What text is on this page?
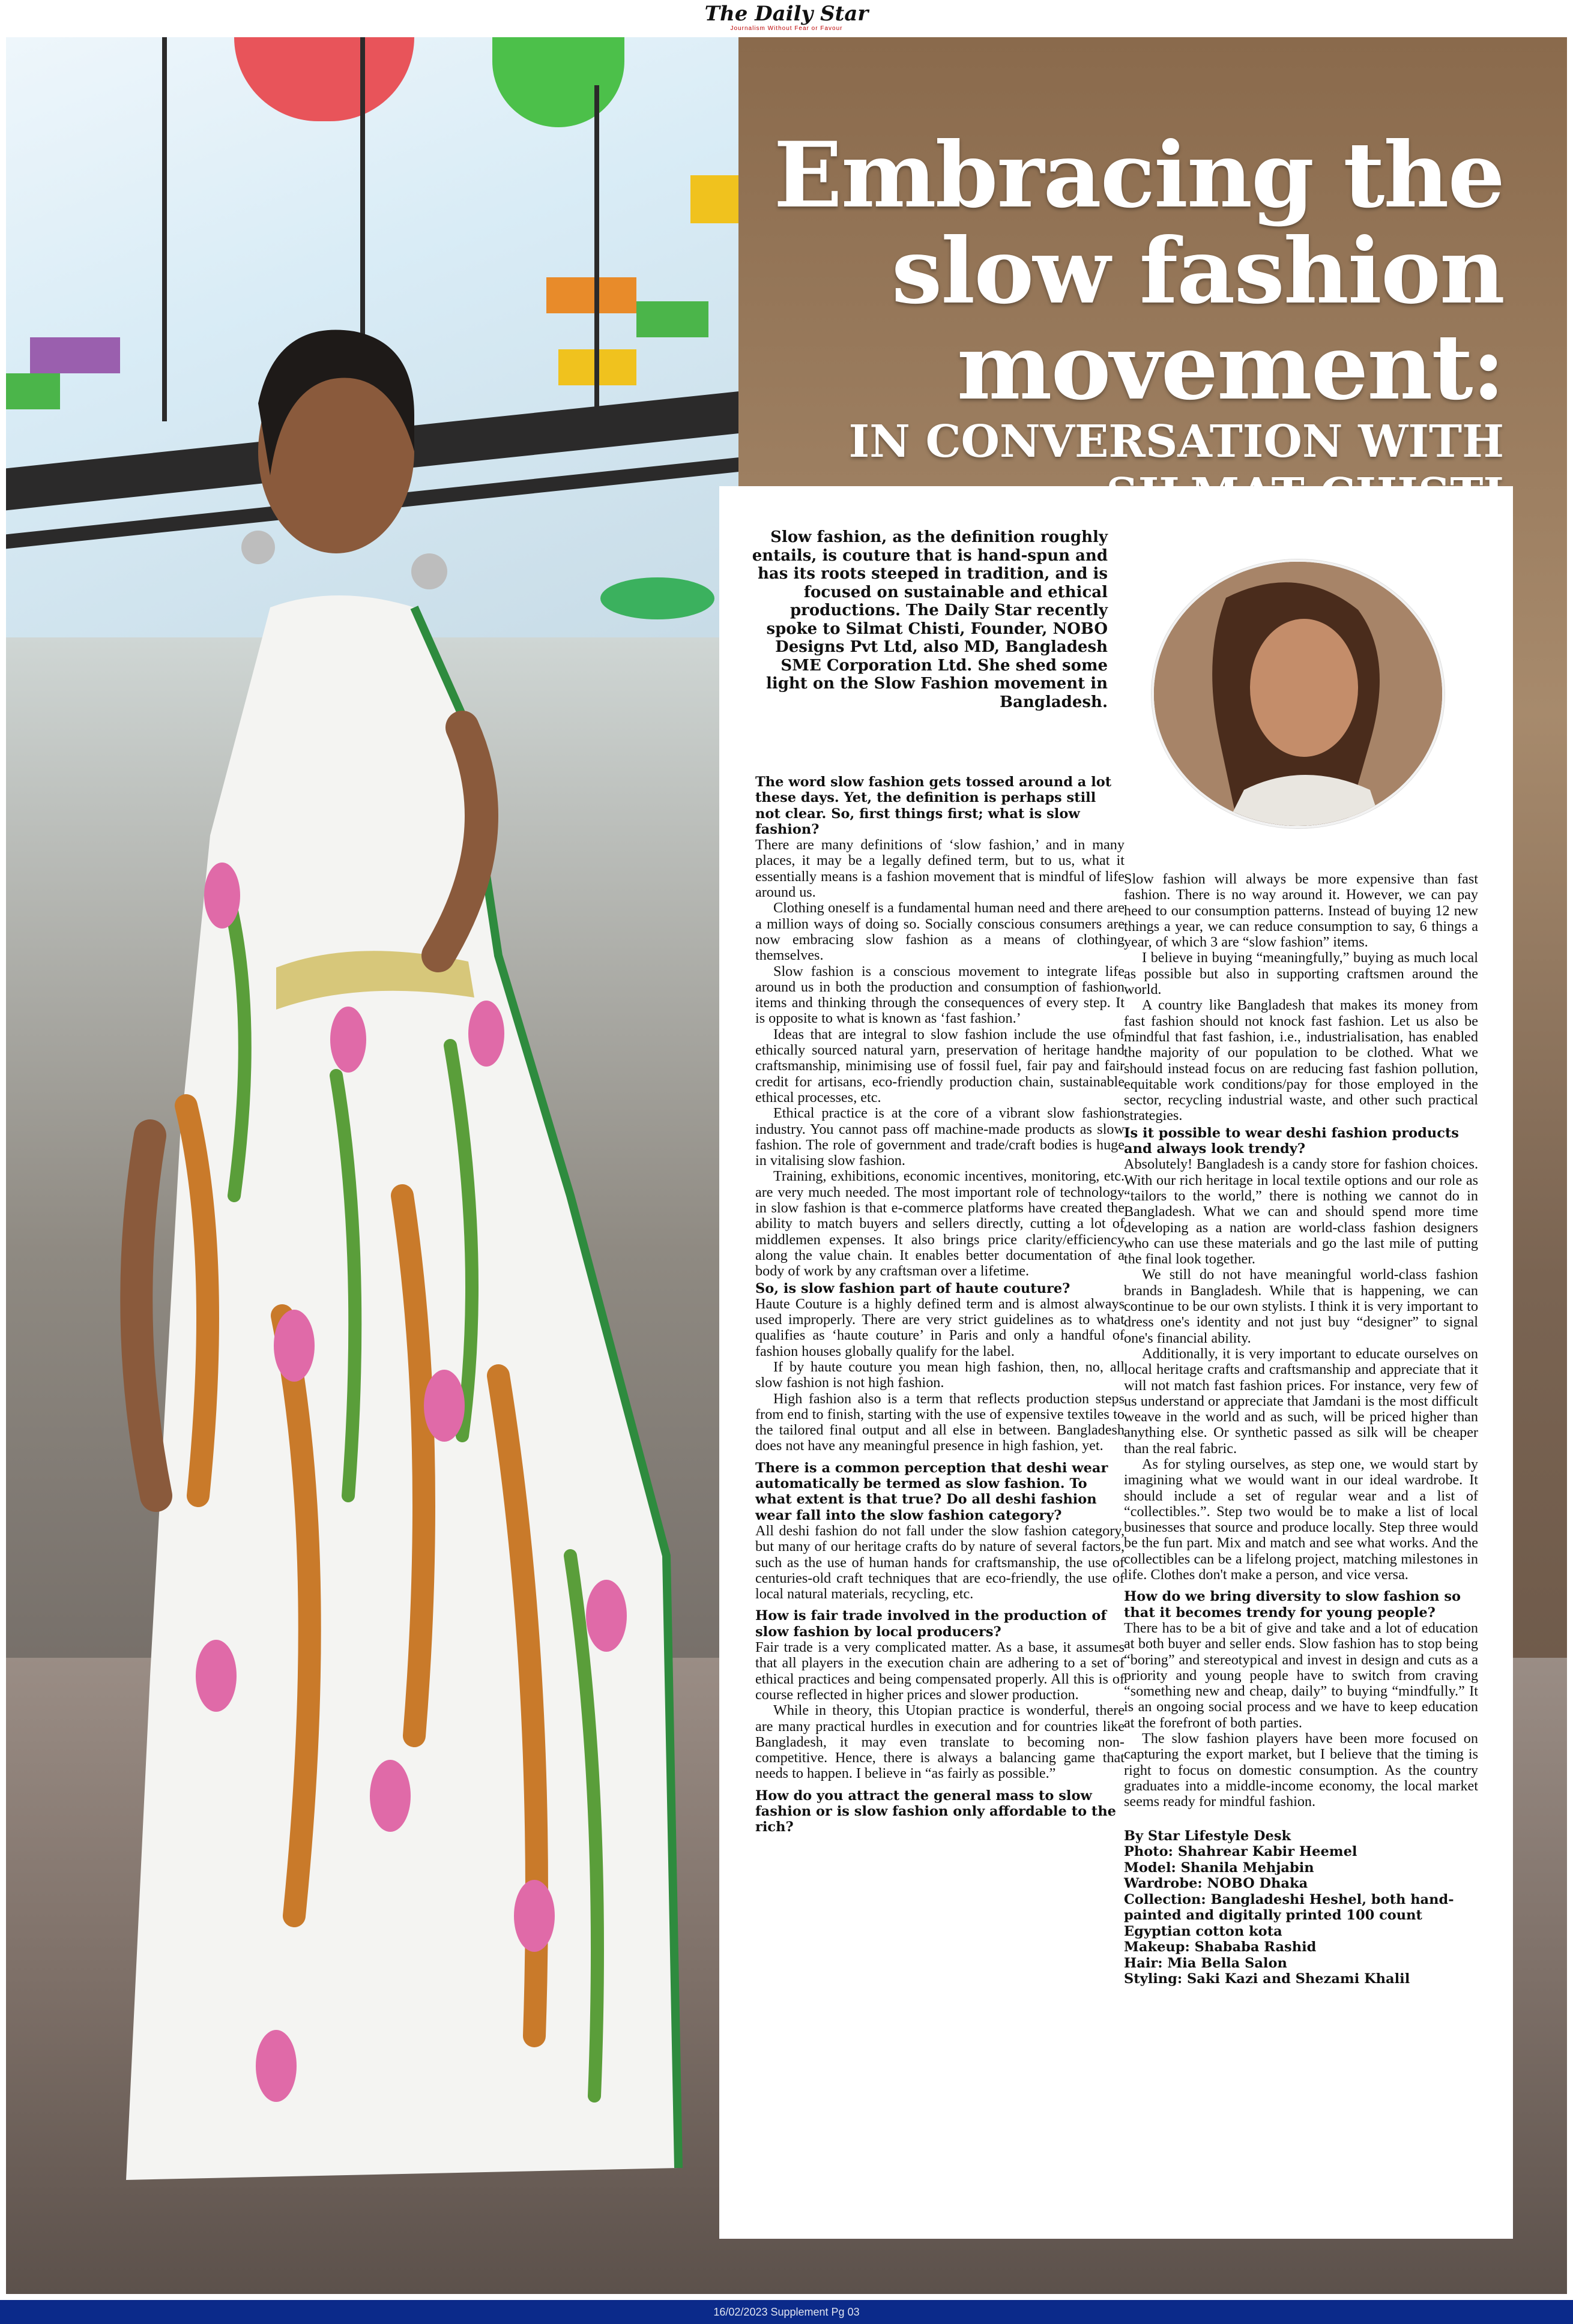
The Daily Star
Journalism Without Fear or Favour
Embracing the
slow fashion
movement:
IN CONVERSATION WITH
Slow fashion, as the definition roughly entails, is couture that is hand-spun and has its roots steeped in tradition, and is focused on sustainable and ethical productions. The Daily Star recently spoke to Silmat Chisti, Founder, NOBO Designs Pvt Ltd, also MD, Bangladesh SME Corporation Ltd. She shed some light on the Slow Fashion movement in Bangladesh.

The word slow fashion gets tossed around a lot these days. Yet, the definition is perhaps still not clear. So, first things first; what is slow fashion?

There are many definitions of ‘slow fashion,’ and in many places, it may be a legally defined term, but to us, what it essentially means is a fashion movement that is mindful of life around us.

Clothing oneself is a fundamental human need and there are a million ways of doing so. Socially conscious consumers are now embracing slow fashion as a means of clothing themselves.

Slow fashion is a conscious movement to integrate life around us in both the production and consumption of fashion items and thinking through the consequences of every step. It is opposite to what is known as ‘fast fashion.’

Ideas that are integral to slow fashion include the use of ethically sourced natural yarn, preservation of heritage hand craftsmanship, minimising use of fossil fuel, fair pay and fair credit for artisans, eco-friendly production chain, sustainable ethical processes, etc.

Ethical practice is at the core of a vibrant slow fashion industry. You cannot pass off machine-made products as slow fashion. The role of government and trade/craft bodies is huge in vitalising slow fashion.

Training, exhibitions, economic incentives, monitoring, etc. are very much needed. The most important role of technology in slow fashion is that e-commerce platforms have created the ability to match buyers and sellers directly, cutting a lot of middlemen expenses. It also brings price clarity/efficiency along the value chain. It enables better documentation of a body of work by any craftsman over a lifetime.

So, is slow fashion part of haute couture?

Haute Couture is a highly defined term and is almost always used improperly. There are very strict guidelines as to what qualifies as ‘haute couture’ in Paris and only a handful of fashion houses globally qualify for the label.

If by haute couture you mean high fashion, then, no, all slow fashion is not high fashion.

High fashion also is a term that reflects production steps from end to finish, starting with the use of expensive textiles to the tailored final output and all else in between. Bangladesh does not have any meaningful presence in high fashion, yet.

There is a common perception that deshi wear automatically be termed as slow fashion. To what extent is that true? Do all deshi fashion wear fall into the slow fashion category?

All deshi fashion do not fall under the slow fashion category, but many of our heritage crafts do by nature of several factors, such as the use of human hands for craftsmanship, the use of centuries-old craft techniques that are eco-friendly, the use of local natural materials, recycling, etc.

How is fair trade involved in the production of slow fashion by local producers?

Fair trade is a very complicated matter. As a base, it assumes that all players in the execution chain are adhering to a set of ethical practices and being compensated properly. All this is of course reflected in higher prices and slower production.

While in theory, this Utopian practice is wonderful, there are many practical hurdles in execution and for countries like Bangladesh, it may even translate to becoming non-competitive. Hence, there is always a balancing game that needs to happen. I believe in “as fairly as possible.”

How do you attract the general mass to slow fashion or is slow fashion only affordable to the rich?

Slow fashion will always be more expensive than fast fashion. There is no way around it. However, we can pay heed to our consumption patterns. Instead of buying 12 new things a year, we can reduce consumption to say, 6 things a year, of which 3 are “slow fashion” items.

I believe in buying “meaningfully,” buying as much local as possible but also in supporting craftsmen around the world.

A country like Bangladesh that makes its money from fast fashion should not knock fast fashion. Let us also be mindful that fast fashion, i.e., industrialisation, has enabled the majority of our population to be clothed. What we should instead focus on are reducing fast fashion pollution, equitable work conditions/pay for those employed in the sector, recycling industrial waste, and other such practical strategies.

Is it possible to wear deshi fashion products and always look trendy?

Absolutely! Bangladesh is a candy store for fashion choices. With our rich heritage in local textile options and our role as “tailors to the world,” there is nothing we cannot do in Bangladesh. What we can and should spend more time developing as a nation are world-class fashion designers who can use these materials and go the last mile of putting the final look together.

We still do not have meaningful world-class fashion brands in Bangladesh. While that is happening, we can continue to be our own stylists. I think it is very important to dress one's identity and not just buy “designer” to signal one's financial ability.

Additionally, it is very important to educate ourselves on local heritage crafts and craftsmanship and appreciate that it will not match fast fashion prices. For instance, very few of us understand or appreciate that Jamdani is the most difficult weave in the world and as such, will be priced higher than anything else. Or synthetic passed as silk will be cheaper than the real fabric.

As for styling ourselves, as step one, we would start by imagining what we would want in our ideal wardrobe. It should include a set of regular wear and a list of “collectibles.”. Step two would be to make a list of local businesses that source and produce locally. Step three would be the fun part. Mix and match and see what works. And the collectibles can be a lifelong project, matching milestones in life. Clothes don't make a person, and vice versa.

How do we bring diversity to slow fashion so that it becomes trendy for young people?

There has to be a bit of give and take and a lot of education at both buyer and seller ends. Slow fashion has to stop being “boring” and stereotypical and invest in design and cuts as a priority and young people have to switch from craving “something new and cheap, daily” to buying “mindfully.” It is an ongoing social process and we have to keep education at the forefront of both parties.

The slow fashion players have been more focused on capturing the export market, but I believe that the timing is right to focus on domestic consumption. As the country graduates into a middle-income economy, the local market seems ready for mindful fashion.

By Star Lifestyle Desk
Photo: Shahrear Kabir Heemel
Model: Shanila Mehjabin
Wardrobe: NOBO Dhaka
Collection: Bangladeshi Heshel, both hand-painted and digitally printed 100 count Egyptian cotton kota
Makeup: Shababa Rashid
Hair: Mia Bella Salon
Styling: Saki Kazi and Shezami Khalil
16/02/2023 Supplement Pg 03
